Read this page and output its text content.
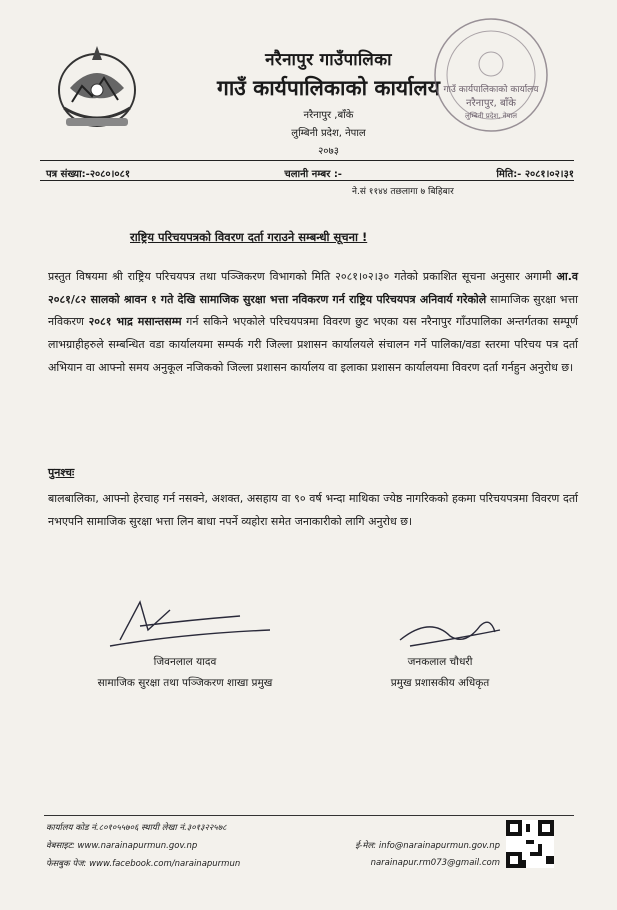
नरैनापुर गाउँपालिका
गाउँ कार्यपालिकाको कार्यालय
नरैनापुर ,बाँके
लुम्बिनी प्रदेश, नेपाल
२०७३
गाउँ कार्यपालिकाको कार्यालय
नरैनापुर, बाँके
लुम्बिनी प्रदेश, नेपाल
पत्र संख्या:-२०८०।०८१	चलानी नम्बर :-	मिति:- २०८१।०२।३१
ने.सं ११४४ तछलागा ७ बिहिबार
राष्ट्रिय परिचयपत्रको विवरण दर्ता गराउने सम्बन्धी सूचना !
प्रस्तुत विषयमा श्री राष्ट्रिय परिचयपत्र तथा पञ्जिकरण विभागको मिति २०८१।०२।३० गतेको प्रकाशित सूचना अनुसार अगामी आ.व २०८१/८२ सालको श्रावन १ गते देखि सामाजिक सुरक्षा भत्ता नविकरण गर्न राष्ट्रिय परिचयपत्र अनिवार्य गरेकोले सामाजिक सुरक्षा भत्ता नविकरण २०८१ भाद्र मसान्तसम्म गर्न सकिने भएकोले परिचयपत्रमा विवरण छुट भएका यस नरैनापुर गाँउपालिका अन्तर्गतका सम्पूर्ण लाभग्राहीहरुले सम्बन्धित वडा कार्यालयमा सम्पर्क गरी जिल्ला प्रशासन कार्यालयले संचालन गर्ने पालिका/वडा स्तरमा परिचय पत्र दर्ता अभियान वा आफ्नो समय अनुकूल नजिकको जिल्ला प्रशासन कार्यालय वा इलाका प्रशासन कार्यालयमा विवरण दर्ता गर्नहुन अनुरोध छ।
पुनश्चः
बालबालिका, आफ्नो हेरचाह गर्न नसक्ने, अशक्त, असहाय वा ९० वर्ष भन्दा माथिका ज्येष्ठ नागरिकको हकमा परिचयपत्रमा विवरण दर्ता नभएपनि सामाजिक सुरक्षा भत्ता लिन बाधा नपर्ने व्यहोरा समेत जनाकारीको लागि अनुरोध छ।
जिवनलाल यादव
सामाजिक सुरक्षा तथा पञ्जिकरण शाखा प्रमुख
जनकलाल चौधरी
प्रमुख प्रशासकीय अधिकृत
कार्यालय कोड नं.८०१०५५७०६ स्थायी लेखा नं.३०१३२२५७८
वेबसाइट: www.narainapurmun.gov.np
फेसबुक पेज: www.facebook.com/narainapurmun
ई-मेल: info@narainapurmun.gov.np
narainapur.rm073@gmail.com
